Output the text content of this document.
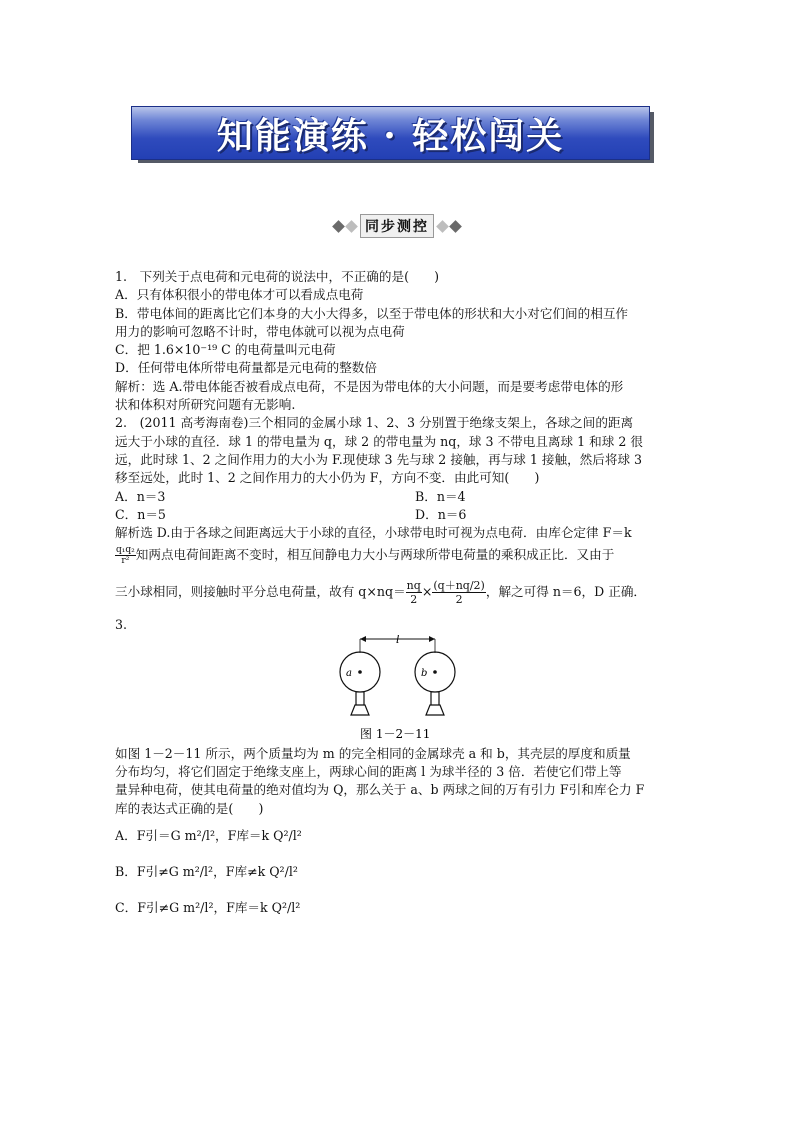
知能演练 · 轻松闯关
同步测控

1.　下列关于点电荷和元电荷的说法中，不正确的是(　　)

A．只有体积很小的带电体才可以看成点电荷

B．带电体间的距离比它们本身的大小大得多，以至于带电体的形状和大小对它们间的相互作

用力的影响可忽略不计时，带电体就可以视为点电荷

C．把 1.6×10⁻¹⁹ C 的电荷量叫元电荷

D．任何带电体所带电荷量都是元电荷的整数倍

解析：选 A.带电体能否被看成点电荷，不是因为带电体的大小问题，而是要考虑带电体的形

状和体积对所研究问题有无影响.

2.　(2011 高考海南卷)三个相同的金属小球 1、2、3 分别置于绝缘支架上，各球之间的距离

远大于小球的直径．球 1 的带电量为 q，球 2 的带电量为 nq，球 3 不带电且离球 1 和球 2 很

远，此时球 1、2 之间作用力的大小为 F.现使球 3 先与球 2 接触，再与球 1 接触，然后将球 3

移至远处，此时 1、2 之间作用力的大小仍为 F，方向不变．由此可知(　　)

A．n＝3	B．n＝4
C．n＝5	D．n＝6

解析选 D.由于各球之间距离远大于小球的直径，小球带电时可视为点电荷．由库仑定律 F＝k

$\frac{\text{q₁q₂}}{\text{r²}}$ 知两点电荷间距离不变时，相互间静电力大小与两球所带电荷量的乘积成正比．又由于
三小球相同，则接触时平分总电荷量，故有 $q\times nq= \frac{nq}{2} \times \frac{(q+nq/2)}{2}$ ，解之可得 n＝6，D 正确．

3.

l
a	b
图 1－2－11

如图 1－2－11 所示，两个质量均为 m 的完全相同的金属球壳 a 和 b，其壳层的厚度和质量

分布均匀，将它们固定于绝缘支座上，两球心间的距离 l 为球半径的 3 倍．若使它们带上等

量异种电荷，使其电荷量的绝对值均为 Q，那么关于 a、b 两球之间的万有引力 F引和库仑力 F

库的表达式正确的是(　　)

A．F引＝G m²/l²，F库＝k Q²/l²
B．F引≠G m²/l²，F库≠k Q²/l²
C．F引≠G m²/l²，F库＝k Q²/l²
